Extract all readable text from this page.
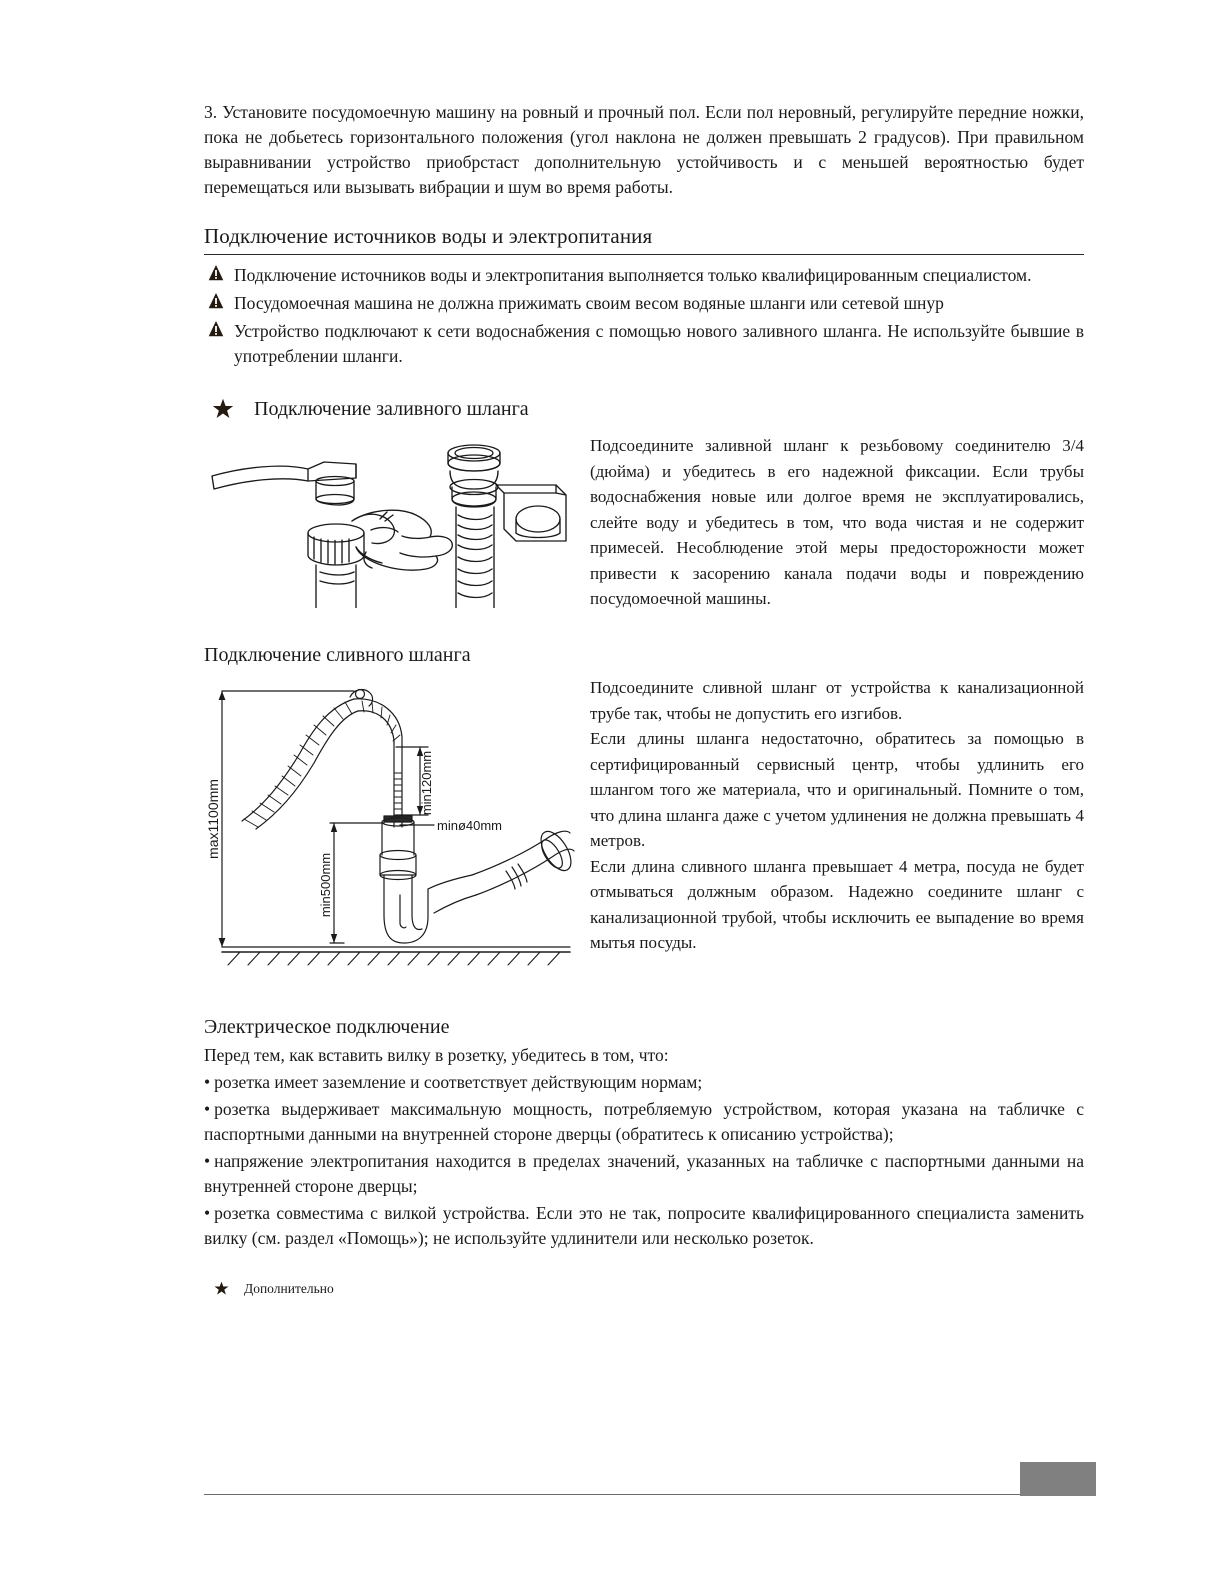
3. Установите посудомоечную машину на ровный и прочный пол. Если пол неровный, регулируйте передние ножки, пока не добьетесь горизонтального положения (угол наклона не должен превышать 2 градусов). При правильном выравнивании устройство приобрстаст дополнительную устойчивость и с меньшей вероятностью будет перемещаться или вызывать вибрации и шум во время работы.

Подключение источников воды и электропитания
Подключение источников воды и электропитания выполняется только квалифицированным специалистом.
Посудомоечная машина не должна прижимать своим весом водяные шланги или сетевой шнур
Устройство подключают к сети водоснабжения с помощью нового заливного шланга. Не используйте бывшие в употреблении шланги.
Подключение заливного шланга

Подсоедините заливной шланг к резьбовому соединителю 3/4 (дюйма) и убедитесь в его надежной фиксации. Если трубы водоснабжения новые или долгое время не эксплуатировались, слейте воду и убедитесь в том, что вода чистая и не содержит примесей. Несоблюдение этой меры предосторожности может привести к засорению канала подачи воды и повреждению посудомоечной машины.

Подключение сливного шланга
max1100mm	min120mm
minø40mm
min500mm

Подсоедините сливной шланг от устройства к канализационной трубе так, чтобы не допустить его изгибов.

Если длины шланга недостаточно, обратитесь за помощью в сертифицированный сервисный центр, чтобы удлинить его шлангом того же материала, что и оригинальный. Помните о том, что длина шланга даже с учетом удлинения не должна превышать 4 метров.

Если длина сливного шланга превышает 4 метра, посуда не будет отмываться должным образом. Надежно соедините шланг с канализационной трубой, чтобы исключить ее выпадение во время мытья посуды.

Электрическое подключение

Перед тем, как вставить вилку в розетку, убедитесь в том, что:

• розетка имеет заземление и соответствует действующим нормам;

• розетка выдерживает максимальную мощность, потребляемую устройством, которая указана на табличке с паспортными данными на внутренней стороне дверцы (обратитесь к описанию устройства);

• напряжение электропитания находится в пределах значений, указанных на табличке с паспортными данными на внутренней стороне дверцы;

• розетка совместима с вилкой устройства. Если это не так, попросите квалифицированного специалиста заменить вилку (см. раздел «Помощь»); не используйте удлинители или несколько розеток.

Дополнительно
